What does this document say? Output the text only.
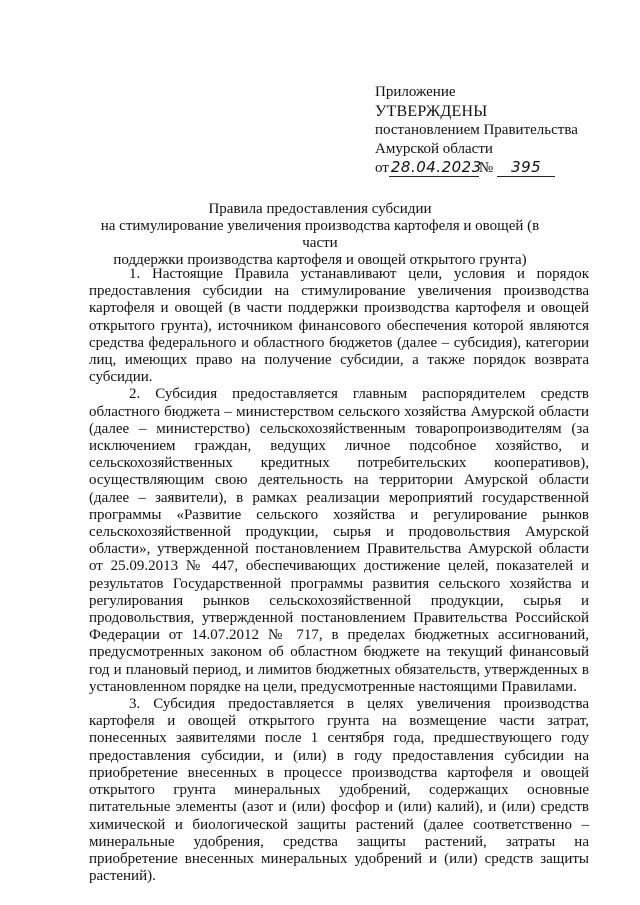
Приложение
УТВЕРЖДЕНЫ
постановлением Правительства
Амурской области
от 28.04.2023№ 395
Правила предоставления субсидии
на стимулирование увеличения производства картофеля и овощей (в части
поддержки производства картофеля и овощей открытого грунта)

1. Настоящие Правила устанавливают цели, условия и порядок предоставления субсидии на стимулирование увеличения производства картофеля и овощей (в части поддержки производства картофеля и овощей открытого грунта), источником финансового обеспечения которой являются средства федерального и областного бюджетов (далее – субсидия), категории лиц, имеющих право на получение субсидии, а также порядок возврата субсидии.

2. Субсидия предоставляется главным распорядителем средств областного бюджета – министерством сельского хозяйства Амурской области (далее – министерство) сельскохозяйственным товаропроизводителям (за исключением граждан, ведущих личное подсобное хозяйство, и сельскохозяйственных кредитных потребительских кооперативов), осуществляющим свою деятельность на территории Амурской области (далее – заявители), в рамках реализации мероприятий государственной программы «Развитие сельского хозяйства и регулирование рынков сельскохозяйственной продукции, сырья и продовольствия Амурской области», утвержденной постановлением Правительства Амурской области от 25.09.2013 № 447, обеспечивающих достижение целей, показателей и результатов Государственной программы развития сельского хозяйства и регулирования рынков сельскохозяйственной продукции, сырья и продовольствия, утвержденной постановлением Правительства Российской Федерации от 14.07.2012 № 717, в пределах бюджетных ассигнований, предусмотренных законом об областном бюджете на текущий финансовый год и плановый период, и лимитов бюджетных обязательств, утвержденных в установленном порядке на цели, предусмотренные настоящими Правилами.

3. Субсидия предоставляется в целях увеличения производства картофеля и овощей открытого грунта на возмещение части затрат, понесенных заявителями после 1 сентября года, предшествующего году предоставления субсидии, и (или) в году предоставления субсидии на приобретение внесенных в процессе производства картофеля и овощей открытого грунта минеральных удобрений, содержащих основные питательные элементы (азот и (или) фосфор и (или) калий), и (или) средств химической и биологической защиты растений (далее соответственно – минеральные удобрения, средства защиты растений, затраты на приобретение внесенных минеральных удобрений и (или) средств защиты растений).
